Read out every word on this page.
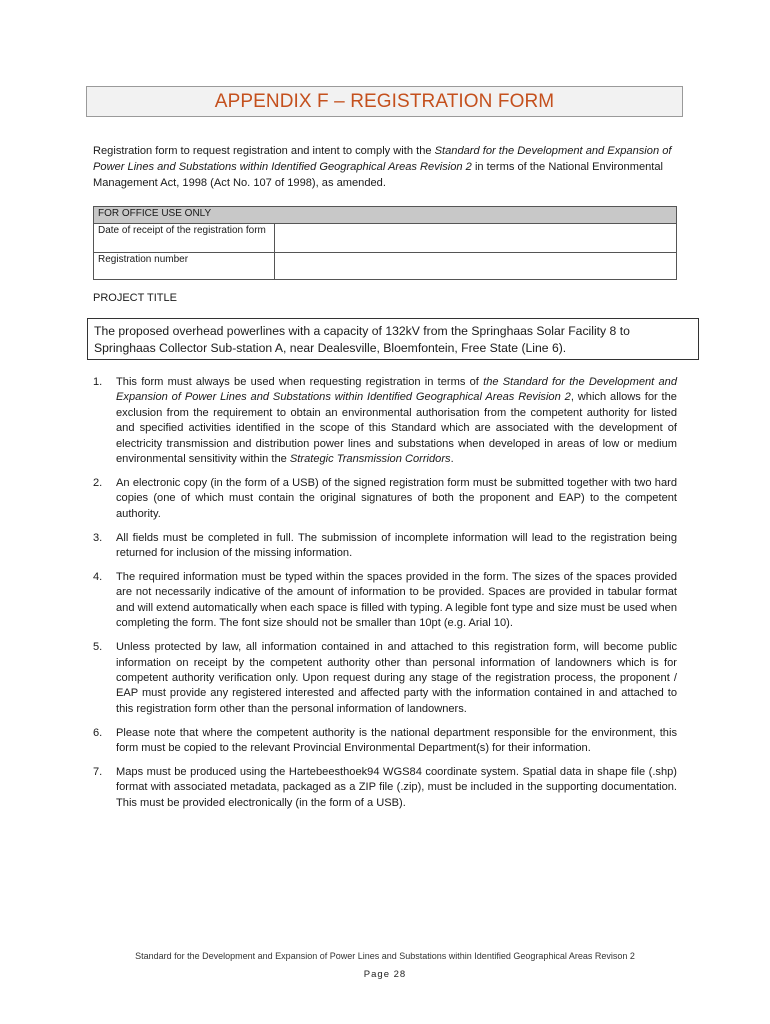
APPENDIX F – REGISTRATION FORM

Registration form to request registration and intent to comply with the Standard for the Development and Expansion of Power Lines and Substations within Identified Geographical Areas Revision 2 in terms of the National Environmental Management Act, 1998 (Act No. 107 of 1998), as amended.

FOR OFFICE USE ONLY	
Date of receipt of the registration form	
Registration number	
PROJECT TITLE
The proposed overhead powerlines with a capacity of 132kV from the Springhaas Solar Facility 8 to Springhaas Collector Sub-station A, near Dealesville, Bloemfontein, Free State (Line 6).
1. This form must always be used when requesting registration in terms of the Standard for the Development and Expansion of Power Lines and Substations within Identified Geographical Areas Revision 2, which allows for the exclusion from the requirement to obtain an environmental authorisation from the competent authority for listed and specified activities identified in the scope of this Standard which are associated with the development of electricity transmission and distribution power lines and substations when developed in areas of low or medium environmental sensitivity within the Strategic Transmission Corridors.
2. An electronic copy (in the form of a USB) of the signed registration form must be submitted together with two hard copies (one of which must contain the original signatures of both the proponent and EAP) to the competent authority.
3. All fields must be completed in full. The submission of incomplete information will lead to the registration being returned for inclusion of the missing information.
4. The required information must be typed within the spaces provided in the form. The sizes of the spaces provided are not necessarily indicative of the amount of information to be provided. Spaces are provided in tabular format and will extend automatically when each space is filled with typing. A legible font type and size must be used when completing the form. The font size should not be smaller than 10pt (e.g. Arial 10).
5. Unless protected by law, all information contained in and attached to this registration form, will become public information on receipt by the competent authority other than personal information of landowners which is for competent authority verification only. Upon request during any stage of the registration process, the proponent / EAP must provide any registered interested and affected party with the information contained in and attached to this registration form other than the personal information of landowners.
6. Please note that where the competent authority is the national department responsible for the environment, this form must be copied to the relevant Provincial Environmental Department(s) for their information.
7. Maps must be produced using the Hartebeesthoek94 WGS84 coordinate system. Spatial data in shape file (.shp) format with associated metadata, packaged as a ZIP file (.zip), must be included in the supporting documentation. This must be provided electronically (in the form of a USB).
Standard for the Development and Expansion of Power Lines and Substations within Identified Geographical Areas Revison 2
Page 28
